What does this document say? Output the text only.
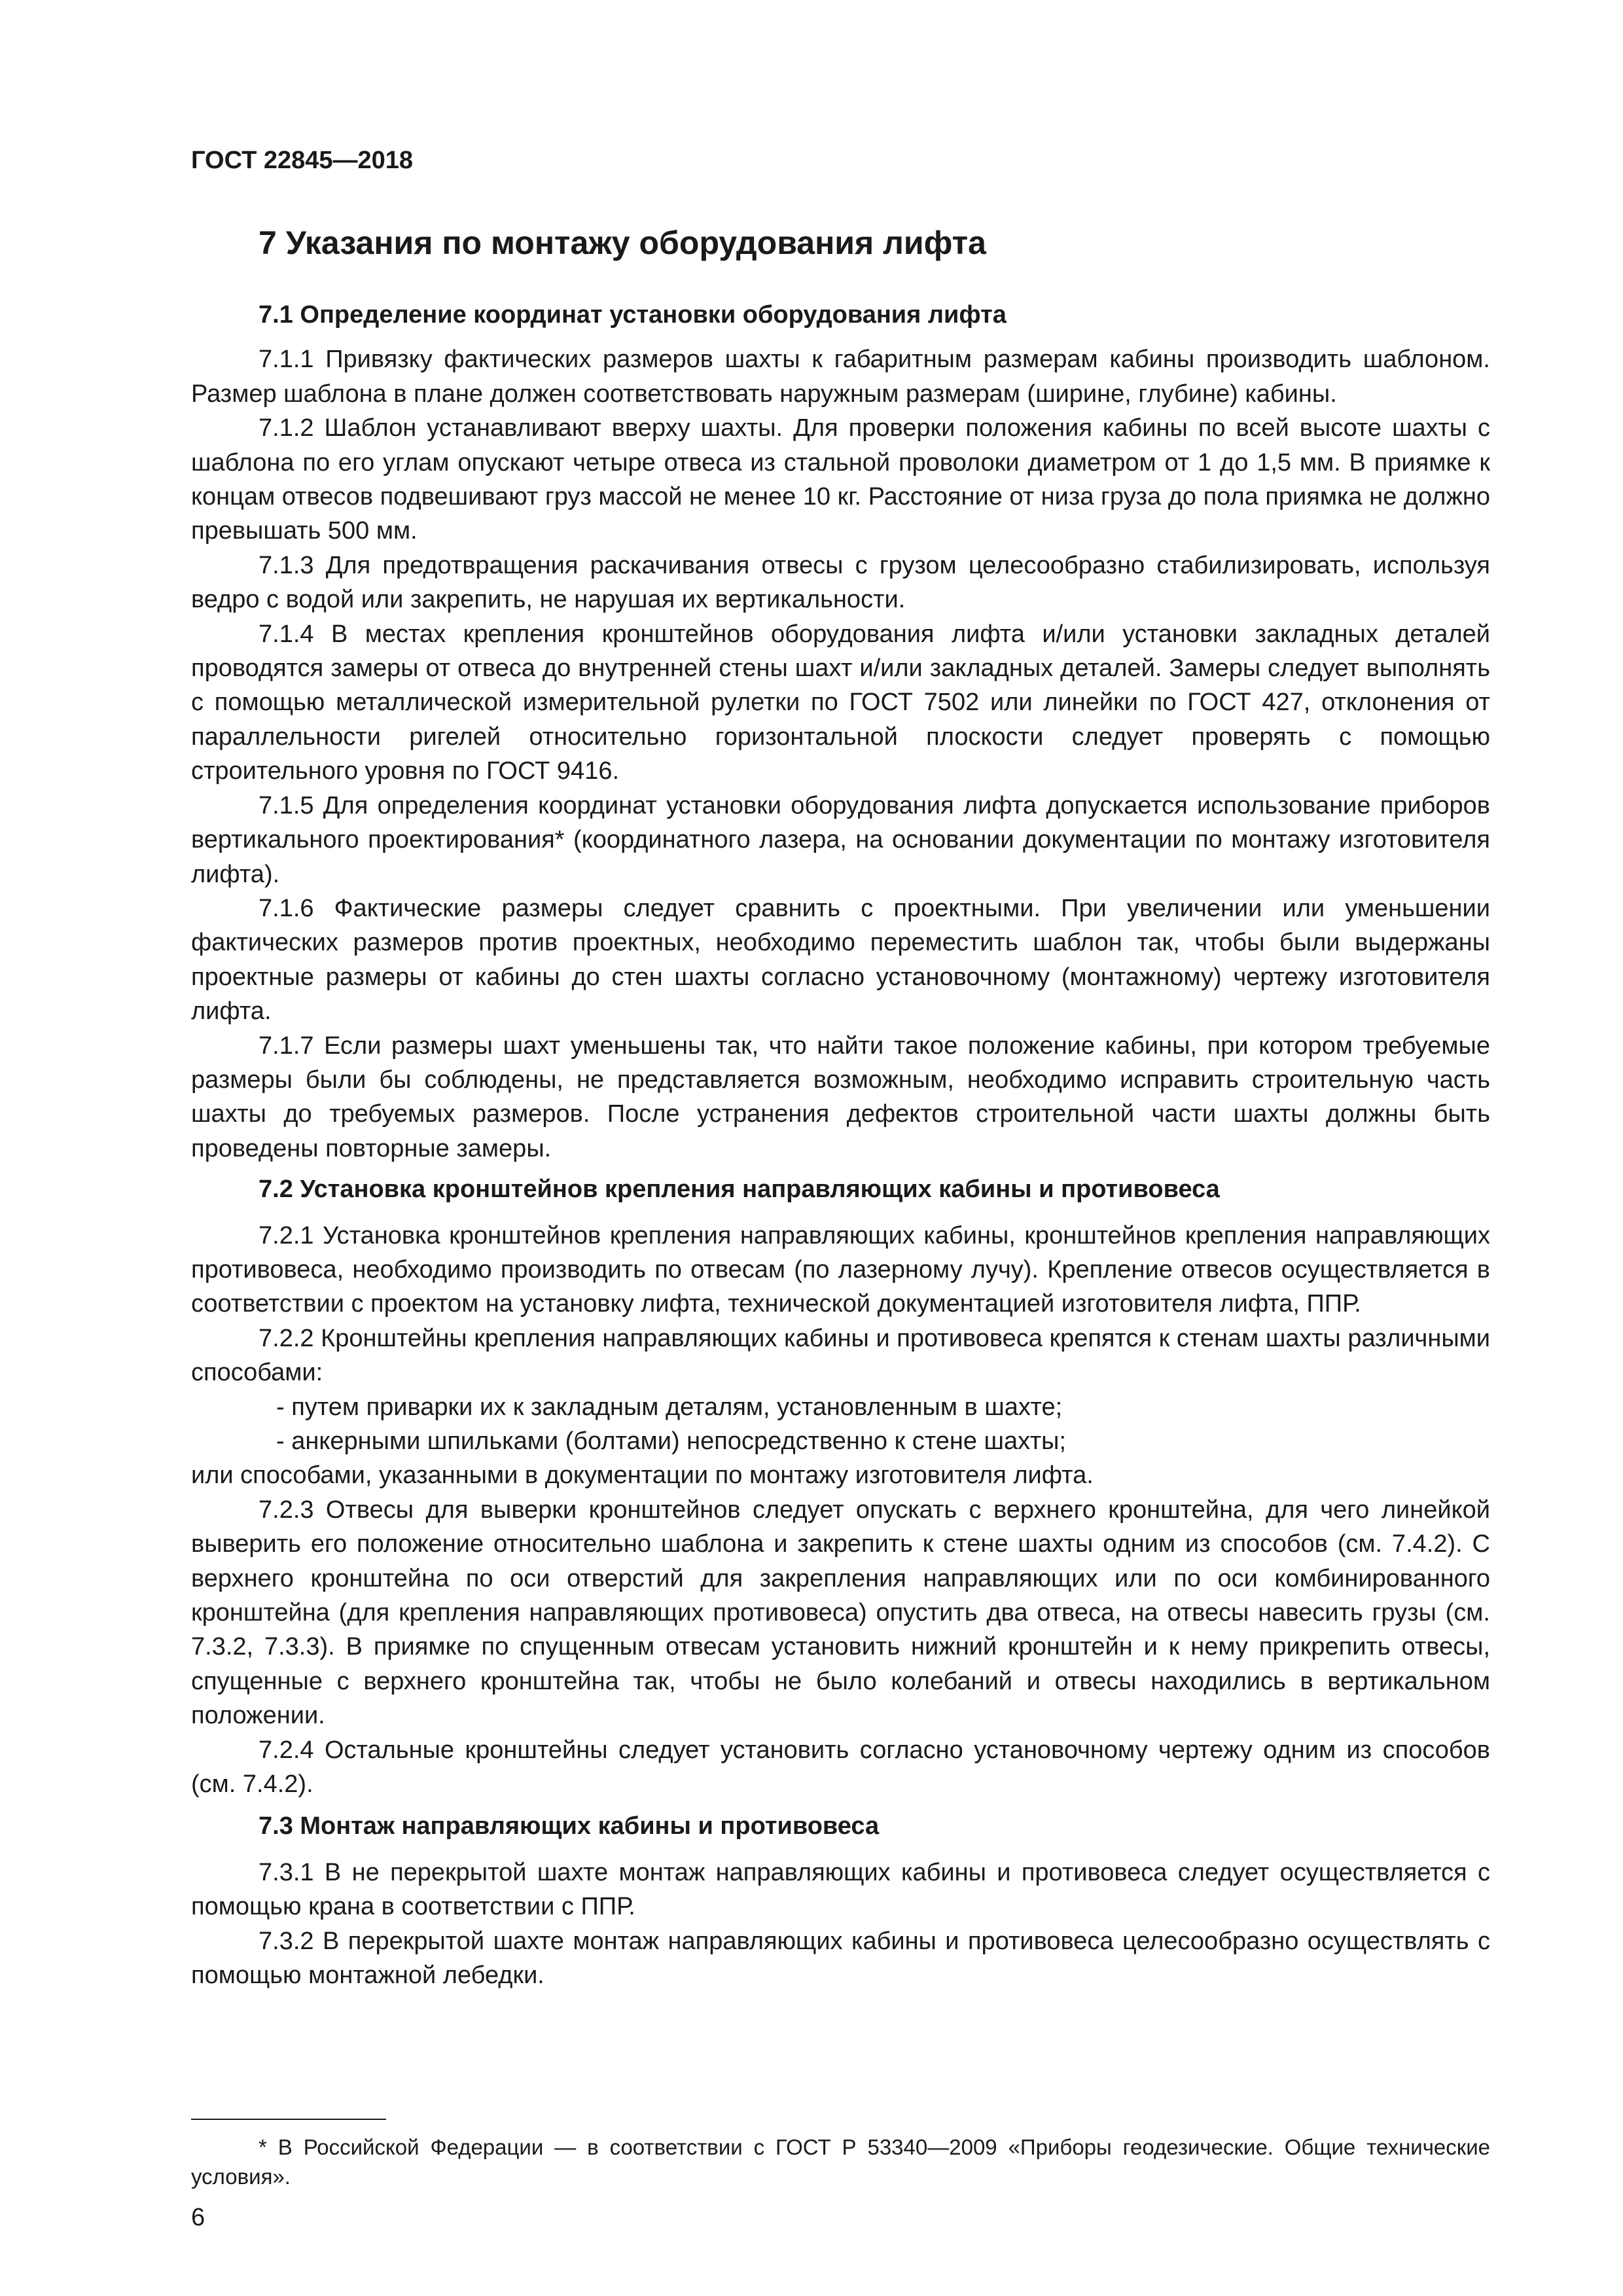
ГОСТ 22845—2018
7 Указания по монтажу оборудования лифта

7.1 Определение координат установки оборудования лифта

7.1.1 Привязку фактических размеров шахты к габаритным размерам кабины производить шаблоном. Размер шаблона в плане должен соответствовать наружным размерам (ширине, глубине) кабины.

7.1.2 Шаблон устанавливают вверху шахты. Для проверки положения кабины по всей высоте шахты с шаблона по его углам опускают четыре отвеса из стальной проволоки диаметром от 1 до 1,5 мм. В приямке к концам отвесов подвешивают груз массой не менее 10 кг. Расстояние от низа груза до пола приямка не должно превышать 500 мм.

7.1.3 Для предотвращения раскачивания отвесы с грузом целесообразно стабилизировать, используя ведро с водой или закрепить, не нарушая их вертикальности.

7.1.4 В местах крепления кронштейнов оборудования лифта и/или установки закладных деталей проводятся замеры от отвеса до внутренней стены шахт и/или закладных деталей. Замеры следует выполнять с помощью металлической измерительной рулетки по ГОСТ 7502 или линейки по ГОСТ 427, отклонения от параллельности ригелей относительно горизонтальной плоскости следует проверять с помощью строительного уровня по ГОСТ 9416.

7.1.5 Для определения координат установки оборудования лифта допускается использование приборов вертикального проектирования* (координатного лазера, на основании документации по монтажу изготовителя лифта).

7.1.6 Фактические размеры следует сравнить с проектными. При увеличении или уменьшении фактических размеров против проектных, необходимо переместить шаблон так, чтобы были выдержаны проектные размеры от кабины до стен шахты согласно установочному (монтажному) чертежу изготовителя лифта.

7.1.7 Если размеры шахт уменьшены так, что найти такое положение кабины, при котором требуемые размеры были бы соблюдены, не представляется возможным, необходимо исправить строительную часть шахты до требуемых размеров. После устранения дефектов строительной части шахты должны быть проведены повторные замеры.

7.2 Установка кронштейнов крепления направляющих кабины и противовеса

7.2.1 Установка кронштейнов крепления направляющих кабины, кронштейнов крепления направляющих противовеса, необходимо производить по отвесам (по лазерному лучу). Крепление отвесов осуществляется в соответствии с проектом на установку лифта, технической документацией изготовителя лифта, ППР.

7.2.2 Кронштейны крепления направляющих кабины и противовеса крепятся к стенам шахты различными способами:

- путем приварки их к закладным деталям, установленным в шахте;

- анкерными шпильками (болтами) непосредственно к стене шахты;

или способами, указанными в документации по монтажу изготовителя лифта.

7.2.3 Отвесы для выверки кронштейнов следует опускать с верхнего кронштейна, для чего линейкой выверить его положение относительно шаблона и закрепить к стене шахты одним из способов (см. 7.4.2). С верхнего кронштейна по оси отверстий для закрепления направляющих или по оси комбинированного кронштейна (для крепления направляющих противовеса) опустить два отвеса, на отвесы навесить грузы (см. 7.3.2, 7.3.3). В приямке по спущенным отвесам установить нижний кронштейн и к нему прикрепить отвесы, спущенные с верхнего кронштейна так, чтобы не было колебаний и отвесы находились в вертикальном положении.

7.2.4 Остальные кронштейны следует установить согласно установочному чертежу одним из способов (см. 7.4.2).

7.3 Монтаж направляющих кабины и противовеса

7.3.1 В не перекрытой шахте монтаж направляющих кабины и противовеса следует осуществляется с помощью крана в соответствии с ППР.

7.3.2 В перекрытой шахте монтаж направляющих кабины и противовеса целесообразно осуществлять с помощью монтажной лебедки.

* В Российской Федерации — в соответствии с ГОСТ Р 53340—2009 «Приборы геодезические. Общие технические условия».
6
